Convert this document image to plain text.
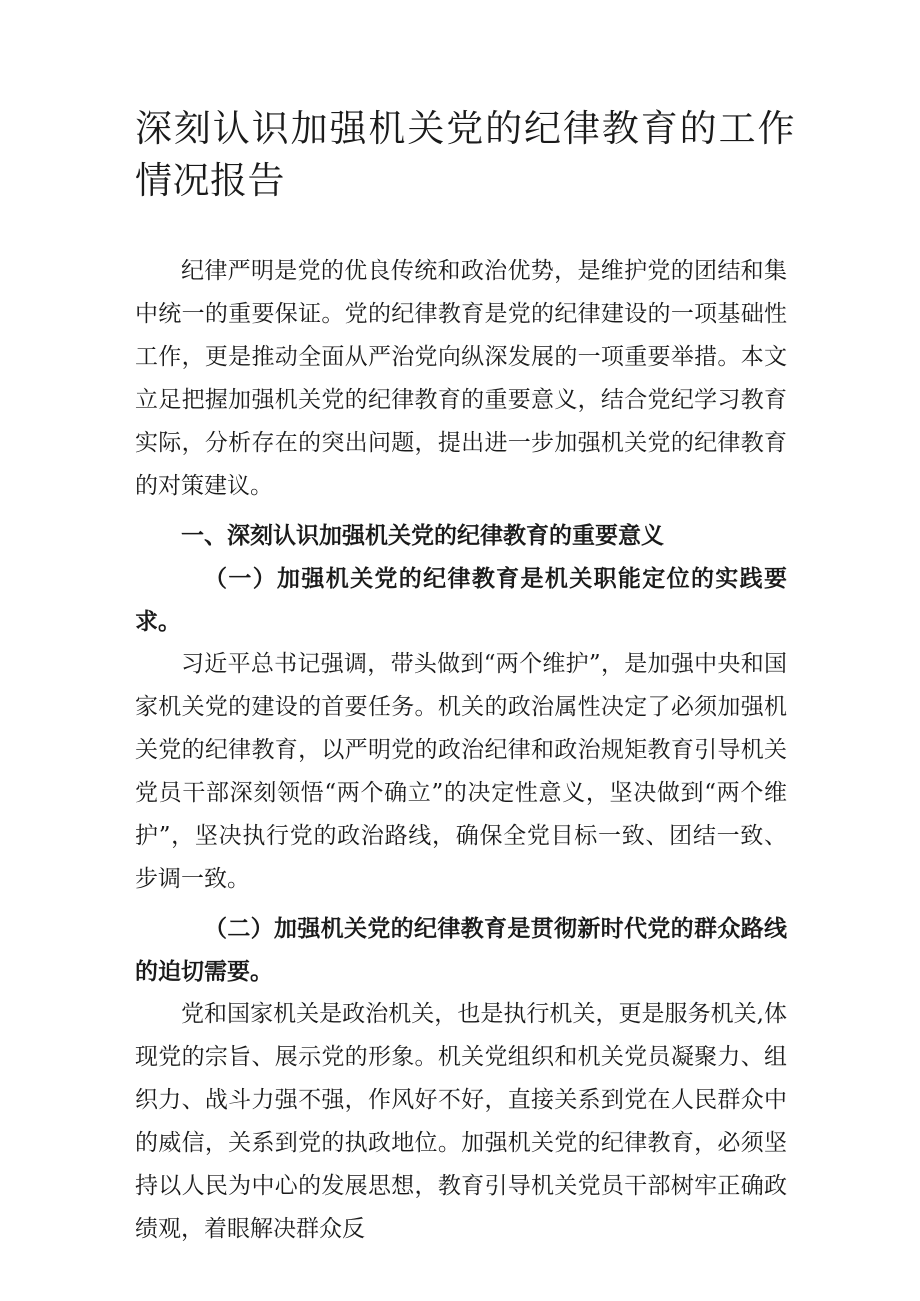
深刻认识加强机关党的纪律教育的工作情况报告

纪律严明是党的优良传统和政治优势，是维护党的团结和集中统一的重要保证。党的纪律教育是党的纪律建设的一项基础性工作，更是推动全面从严治党向纵深发展的一项重要举措。本文立足把握加强机关党的纪律教育的重要意义，结合党纪学习教育实际，分析存在的突出问题，提出进一步加强机关党的纪律教育的对策建议。

一、深刻认识加强机关党的纪律教育的重要意义

（一）加强机关党的纪律教育是机关职能定位的实践要求。

习近平总书记强调，带头做到“两个维护”，是加强中央和国家机关党的建设的首要任务。机关的政治属性决定了必须加强机关党的纪律教育，以严明党的政治纪律和政治规矩教育引导机关党员干部深刻领悟“两个确立”的决定性意义，坚决做到“两个维护”，坚决执行党的政治路线，确保全党目标一致、团结一致、步调一致。

（二）加强机关党的纪律教育是贯彻新时代党的群众路线的迫切需要。

党和国家机关是政治机关，也是执行机关，更是服务机关,体现党的宗旨、展示党的形象。机关党组织和机关党员凝聚力、组织力、战斗力强不强，作风好不好，直接关系到党在人民群众中的威信，关系到党的执政地位。加强机关党的纪律教育，必须坚持以人民为中心的发展思想，教育引导机关党员干部树牢正确政绩观，着眼解决群众反
